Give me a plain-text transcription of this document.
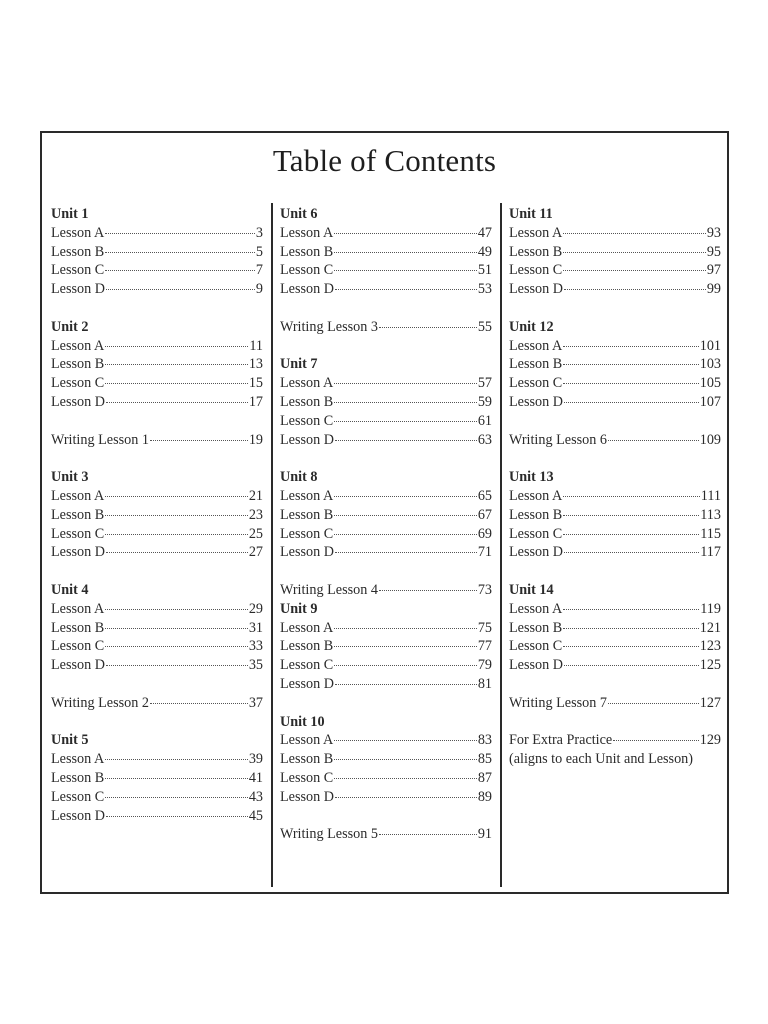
Table of Contents
Unit 1
Lesson A	3
Lesson B	5
Lesson C	7
Lesson D	9
Unit 2
Lesson A	11
Lesson B	13
Lesson C	15
Lesson D	17
Writing Lesson 1	19
Unit 3
Lesson A	21
Lesson B	23
Lesson C	25
Lesson D	27
Unit 4
Lesson A	29
Lesson B	31
Lesson C	33
Lesson D	35
Writing Lesson 2	37
Unit 5
Lesson A	39
Lesson B	41
Lesson C	43
Lesson D	45
Unit 6
Lesson A	47
Lesson B	49
Lesson C	51
Lesson D	53
Writing Lesson 3	55
Unit 7
Lesson A	57
Lesson B	59
Lesson C	61
Lesson D	63
Unit 8
Lesson A	65
Lesson B	67
Lesson C	69
Lesson D	71
Writing Lesson 4	73
Unit 9
Lesson A	75
Lesson B	77
Lesson C	79
Lesson D	81
Unit 10
Lesson A	83
Lesson B	85
Lesson C	87
Lesson D	89
Writing Lesson 5	91
Unit 11
Lesson A	93
Lesson B	95
Lesson C	97
Lesson D	99
Unit 12
Lesson A	101
Lesson B	103
Lesson C	105
Lesson D	107
Writing Lesson 6	109
Unit 13
Lesson A	111
Lesson B	113
Lesson C	115
Lesson D	117
Unit 14
Lesson A	119
Lesson B	121
Lesson C	123
Lesson D	125
Writing Lesson 7	127
For Extra Practice	129
(aligns to each Unit and Lesson)
